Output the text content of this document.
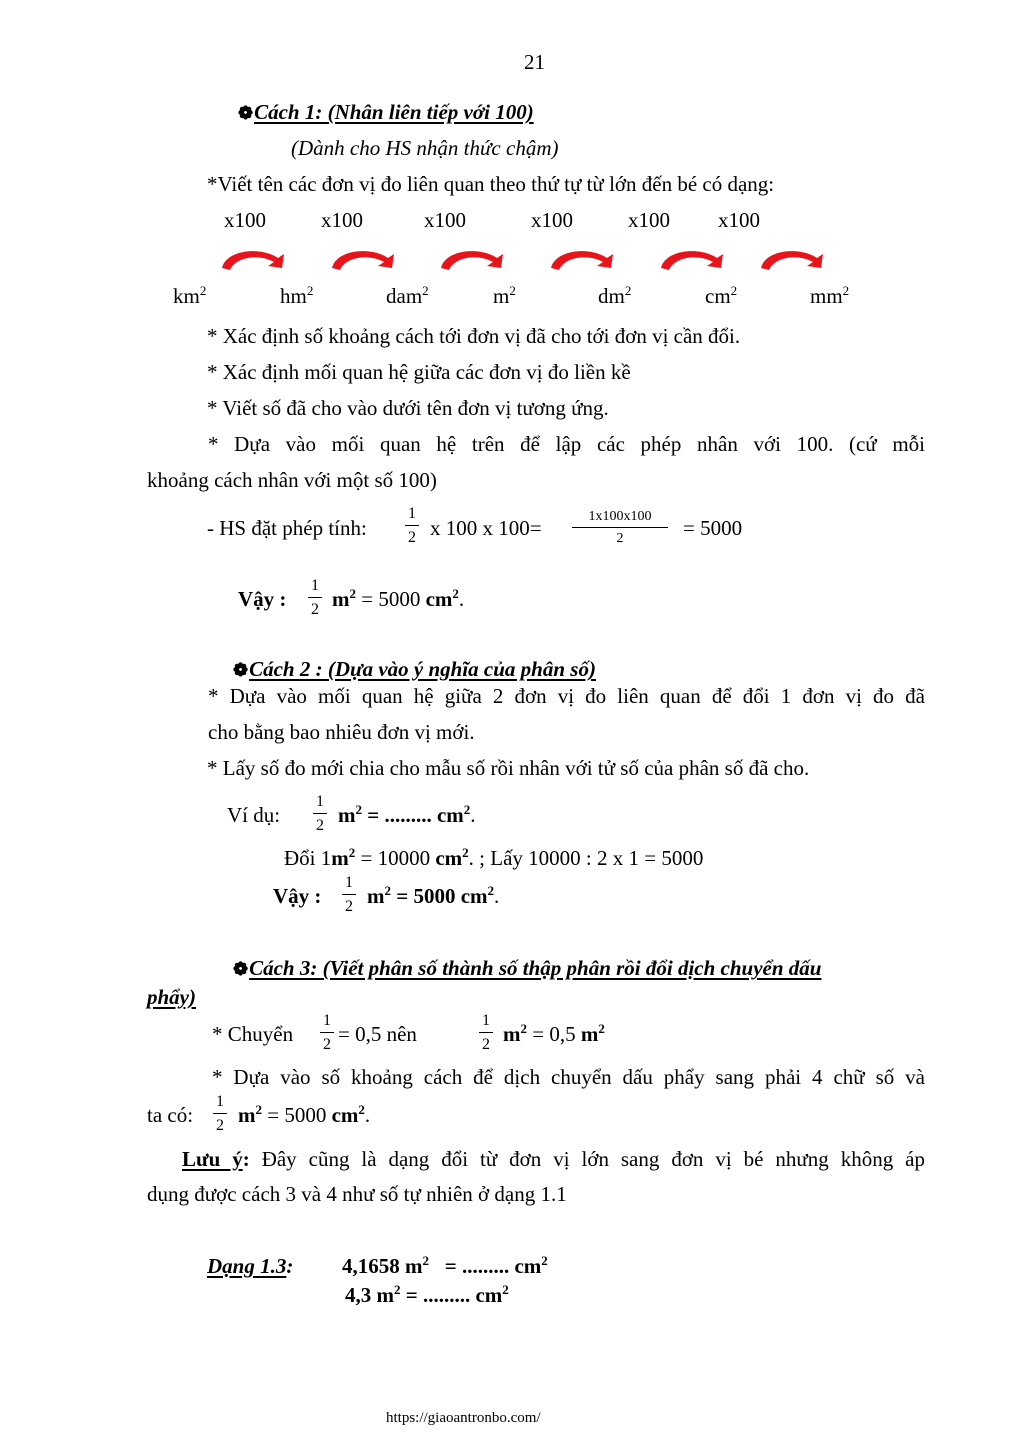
21
❁Cách 1: (Nhân liên tiếp với 100)
(Dành cho HS nhận thức chậm)
*Viết tên các đơn vị đo liên quan theo thứ tự từ lớn đến bé có dạng:
x100	x100	x100	x100	x100 x100
$km^2$	$hm^2$	dam$^2$	$m^2$	$dm^2$	$cm^2$	$mm^2$
* Xác định số khoảng cách tới đơn vị đã cho tới đơn vị cần đổi.
* Xác định mối quan hệ giữa các đơn vị đo liền kề
* Viết số đã cho vào dưới tên đơn vị tương ứng.
* Dựa vào mối quan hệ trên để lập các phép nhân với 100. (cứ mỗi
khoảng cách nhân với một số 100)
- HS đặt phép tính:
1
2 x 100 x 100=	1x100x100
2	= 5000
Vậy :
1
2 $m^2 = 5000$ $cm^2$.
❁Cách 2 : (Dựa vào ý nghĩa của phân số)
* Dựa vào mối quan hệ giữa 2 đơn vị đo liên quan để đổi 1 đơn vị đo đã
cho bằng bao nhiêu đơn vị mới.
* Lấy số đo mới chia cho mẫu số rồi nhân với tử số của phân số đã cho.
Ví dụ:
1
2 $m^2$ = ......... $cm^2$.
Đổi $1m^2 = 10000$ $cm^2$. ; Lấy 10000 : 2 x 1 = 5000
Vậy :
1
2 $m^2 = 5000$ $cm^2$.
❁Cách 3: (Viết phân số thành số thập phân rồi đổi dịch chuyển dấu
phẩy)
* Chuyển
1
2 = 0,5 nên
1
2 $m^2 = 0,5$ $m^2$
* Dựa vào số khoảng cách để dịch chuyển dấu phẩy sang phải 4 chữ số và
ta có:
1
2 $m^2 = 5000$ $cm^2$.
Lưu ý: Đây cũng là dạng đổi từ đơn vị lớn sang đơn vị bé nhưng không áp
dụng được cách 3 và 4 như số tự nhiên ở dạng 1.1
Dạng 1.3: 4,1658 $m^2$   = ......... $cm^2$
4,3 $m^2$ = ......... $cm^2$
https://giaoantronbo.com/
